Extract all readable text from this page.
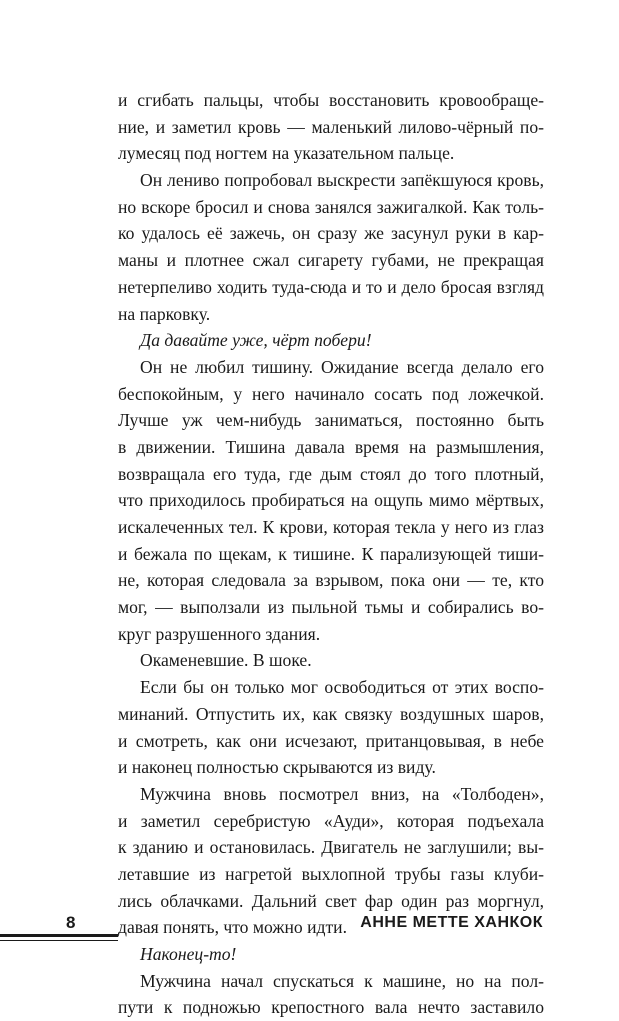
и сгибать пальцы, чтобы восстановить кровообраще-
ние, и заметил кровь — маленький лилово-чёрный по-
лумесяц под ногтем на указательном пальце.
Он лениво попробовал выскрести запёкшуюся кровь,
но вскоре бросил и снова занялся зажигалкой. Как толь-
ко удалось её зажечь, он сразу же засунул руки в кар-
маны и плотнее сжал сигарету губами, не прекращая
нетерпеливо ходить туда-сюда и то и дело бросая взгляд
на парковку.
Да давайте уже, чёрт побери!
Он не любил тишину. Ожидание всегда делало его
беспокойным, у него начинало сосать под ложечкой.
Лучше уж чем-нибудь заниматься, постоянно быть
в движении. Тишина давала время на размышления,
возвращала его туда, где дым стоял до того плотный,
что приходилось пробираться на ощупь мимо мёртвых,
искалеченных тел. К крови, которая текла у него из глаз
и бежала по щекам, к тишине. К парализующей тиши-
не, которая следовала за взрывом, пока они — те, кто
мог, — выползали из пыльной тьмы и собирались во-
круг разрушенного здания.
Окаменевшие. В шоке.
Если бы он только мог освободиться от этих воспо-
минаний. Отпустить их, как связку воздушных шаров,
и смотреть, как они исчезают, пританцовывая, в небе
и наконец полностью скрываются из виду.
Мужчина вновь посмотрел вниз, на «Толбоден»,
и заметил серебристую «Ауди», которая подъехала
к зданию и остановилась. Двигатель не заглушили; вы-
летавшие из нагретой выхлопной трубы газы клуби-
лись облачками. Дальний свет фар один раз моргнул,
давая понять, что можно идти.
Наконец-то!
Мужчина начал спускаться к машине, но на пол-
пути к подножью крепостного вала нечто заставило
8	АННЕ МЕТТЕ ХАНКОК
